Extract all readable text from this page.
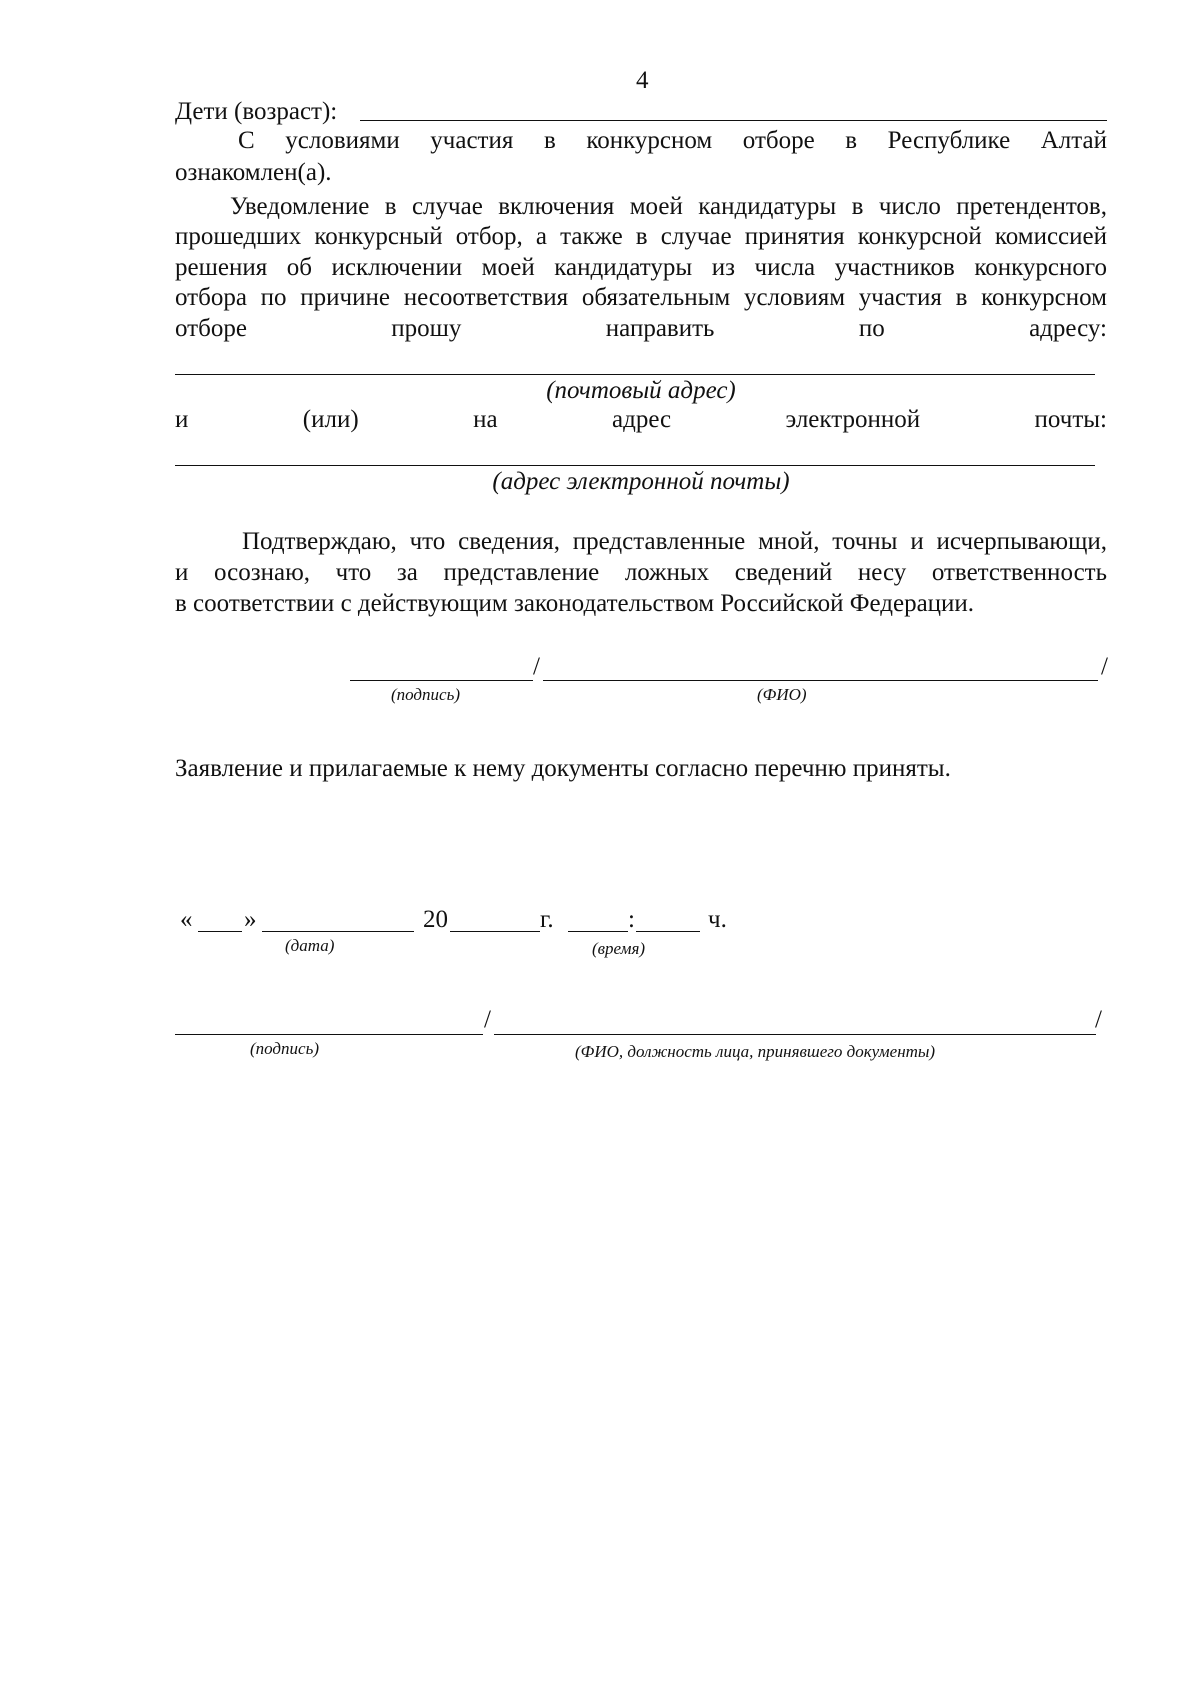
4
Дети (возраст):
С условиями участия в конкурсном отборе в Республике Алтай
ознакомлен(а).
Уведомление в случае включения моей кандидатуры в число претендентов,
прошедших конкурсный отбор, а также в случае принятия конкурсной комиссией
решения об исключении моей кандидатуры из числа участников конкурсного
отбора по причине несоответствия обязательным условиям участия в конкурсном
отборе прошу направить по адресу:
(почтовый адрес)
и (или) на адрес электронной почты:
(адрес электронной почты)
Подтверждаю, что сведения, представленные мной, точны и исчерпывающи,
и осознаю, что за представление ложных сведений несу ответственность
в соответствии с действующим законодательством Российской Федерации.
/	/
(подпись)	(ФИО)
Заявление и прилагаемые к нему документы согласно перечню приняты.
« »	20	г.	:	ч.
(дата)	(время)
/	/
(подпись)	(ФИО, должность лица, принявшего документы)
